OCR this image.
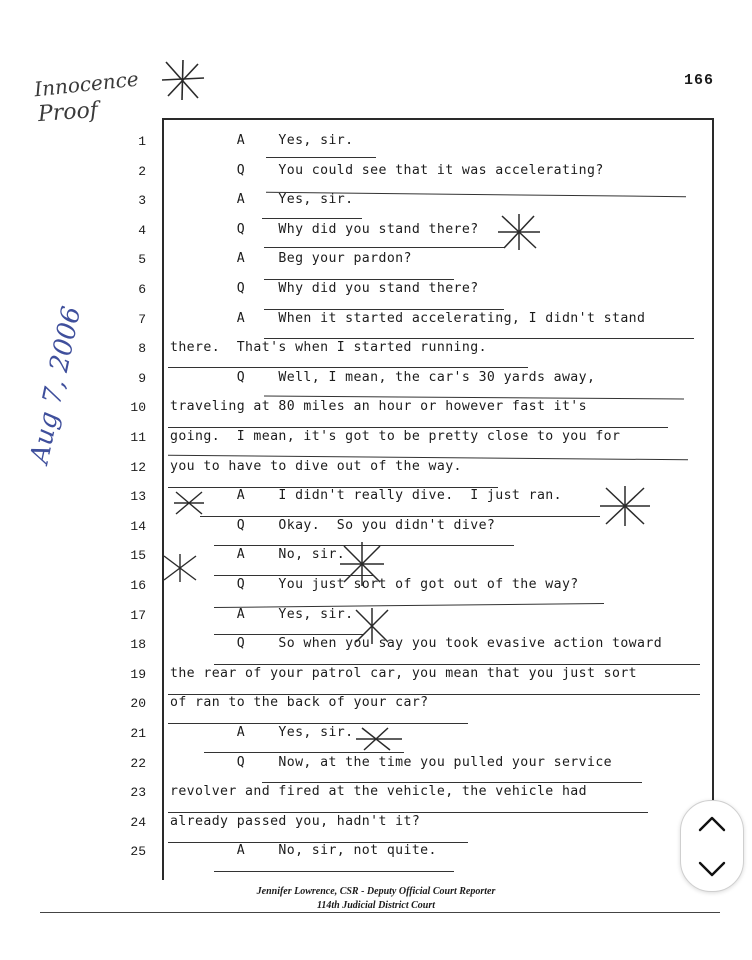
166
Innocence
Proof
Aug 7, 2006
1 A    Yes, sir.
2 Q    You could see that it was accelerating?
3 A    Yes, sir.
4 Q    Why did you stand there?
5 A    Beg your pardon?
6 Q    Why did you stand there?
7 A    When it started accelerating, I didn't stand
8 there.  That's when I started running.
9 Q    Well, I mean, the car's 30 yards away,
10 traveling at 80 miles an hour or however fast it's
11 going.  I mean, it's got to be pretty close to you for
12 you to have to dive out of the way.
13 A    I didn't really dive.  I just ran.
14 Q    Okay.  So you didn't dive?
15 A    No, sir.
16 Q    You just sort of got out of the way?
17 A    Yes, sir.
18 Q    So when you say you took evasive action toward
19 the rear of your patrol car, you mean that you just sort
20 of ran to the back of your car?
21 A    Yes, sir.
22 Q    Now, at the time you pulled your service
23 revolver and fired at the vehicle, the vehicle had
24 already passed you, hadn't it?
25 A    No, sir, not quite.
Jennifer Lowrence, CSR - Deputy Official Court Reporter
114th Judicial District Court
